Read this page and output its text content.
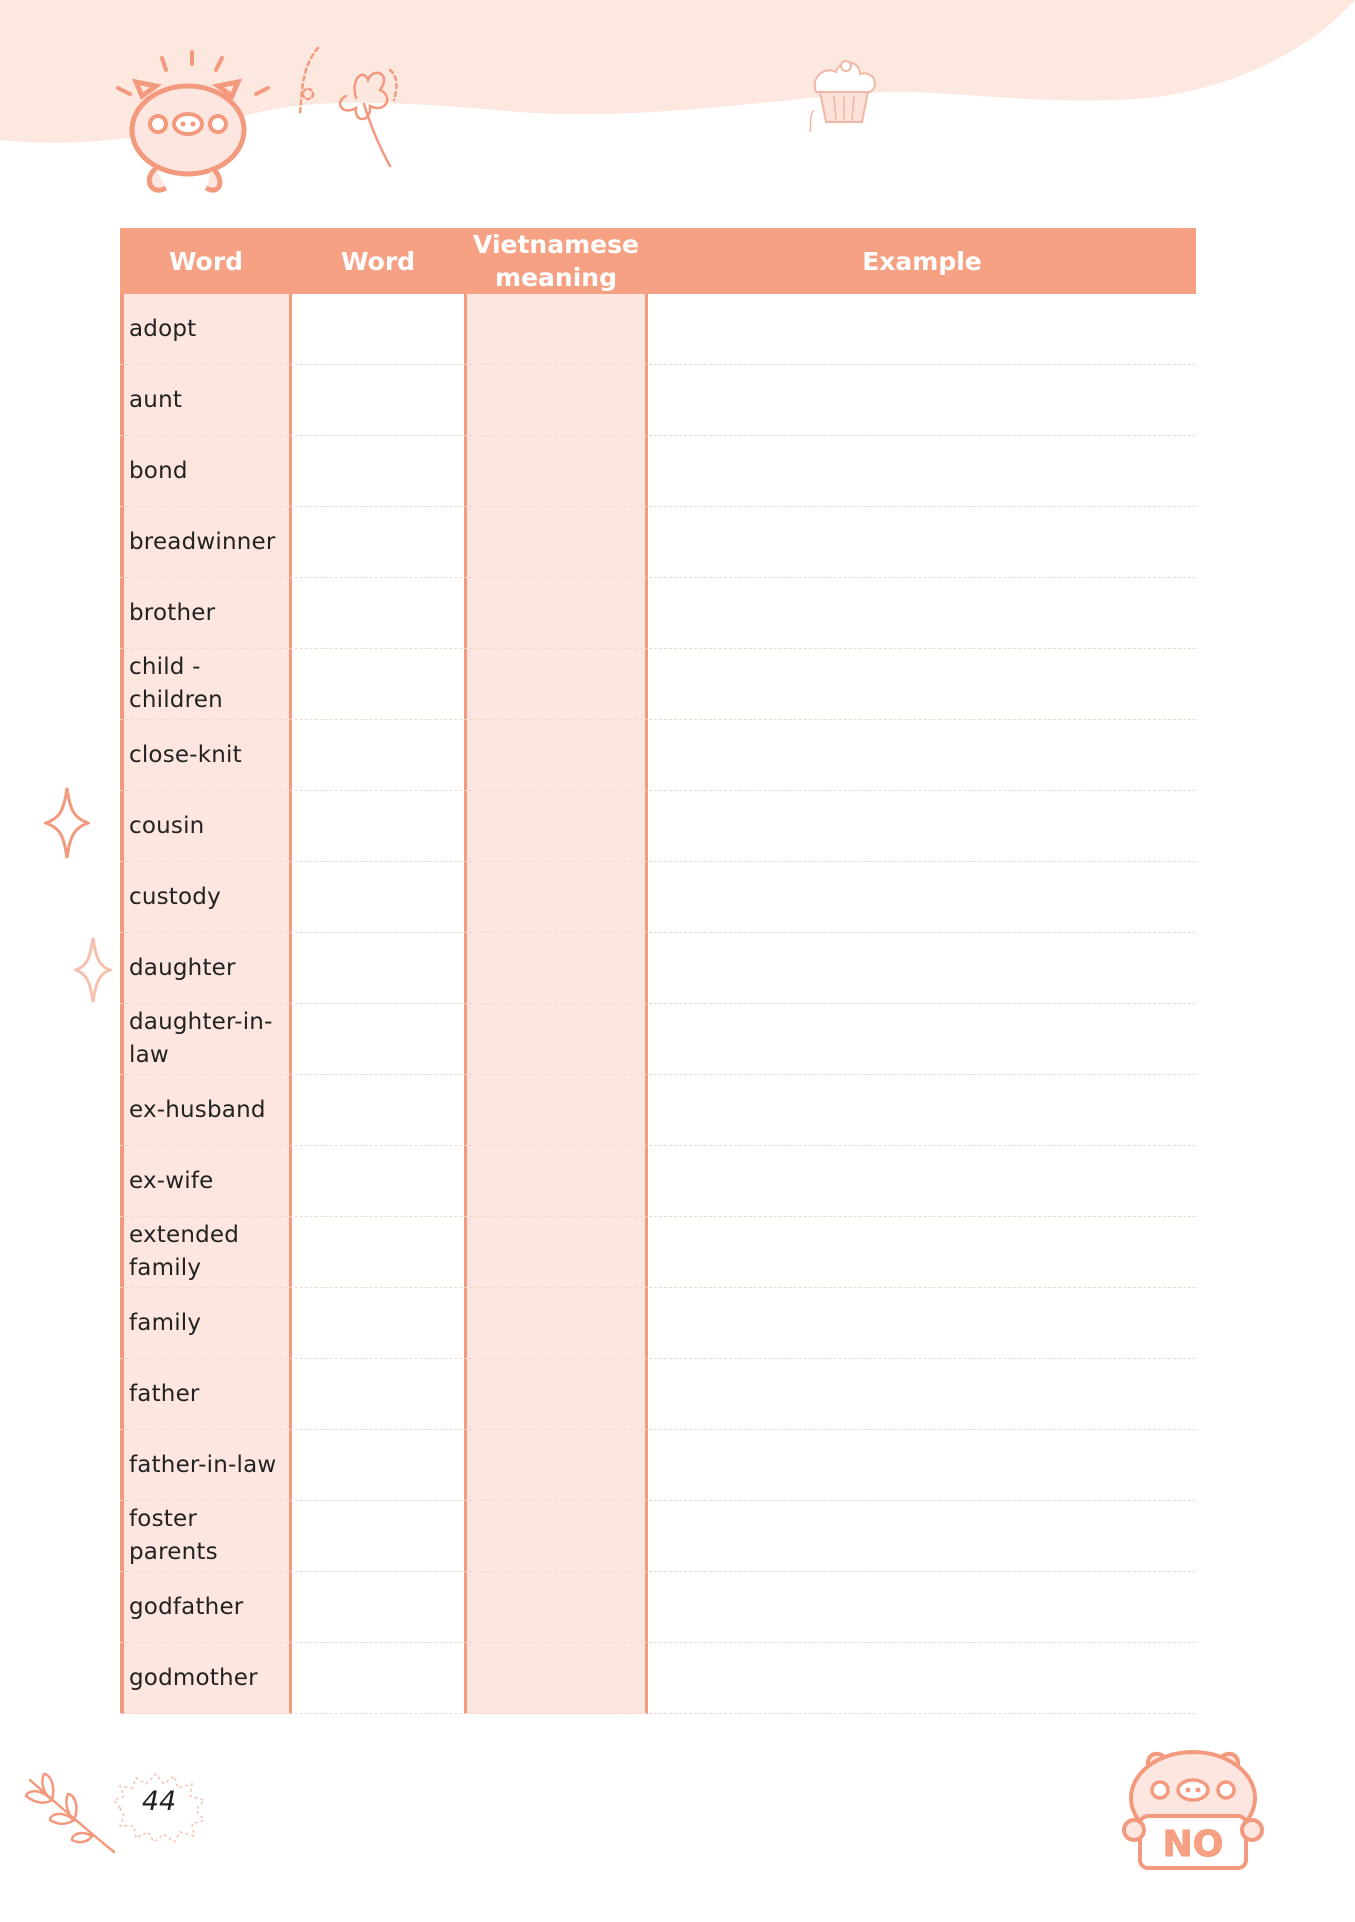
Word	Word
Vietnamese meaning
Example
adopt
aunt
bond
breadwinner
brother
child - children
close-knit
cousin
custody
daughter
daughter-in-law
ex-husband
ex-wife
extended family
family
father
father-in-law
foster parents
godfather
godmother
44
NO
